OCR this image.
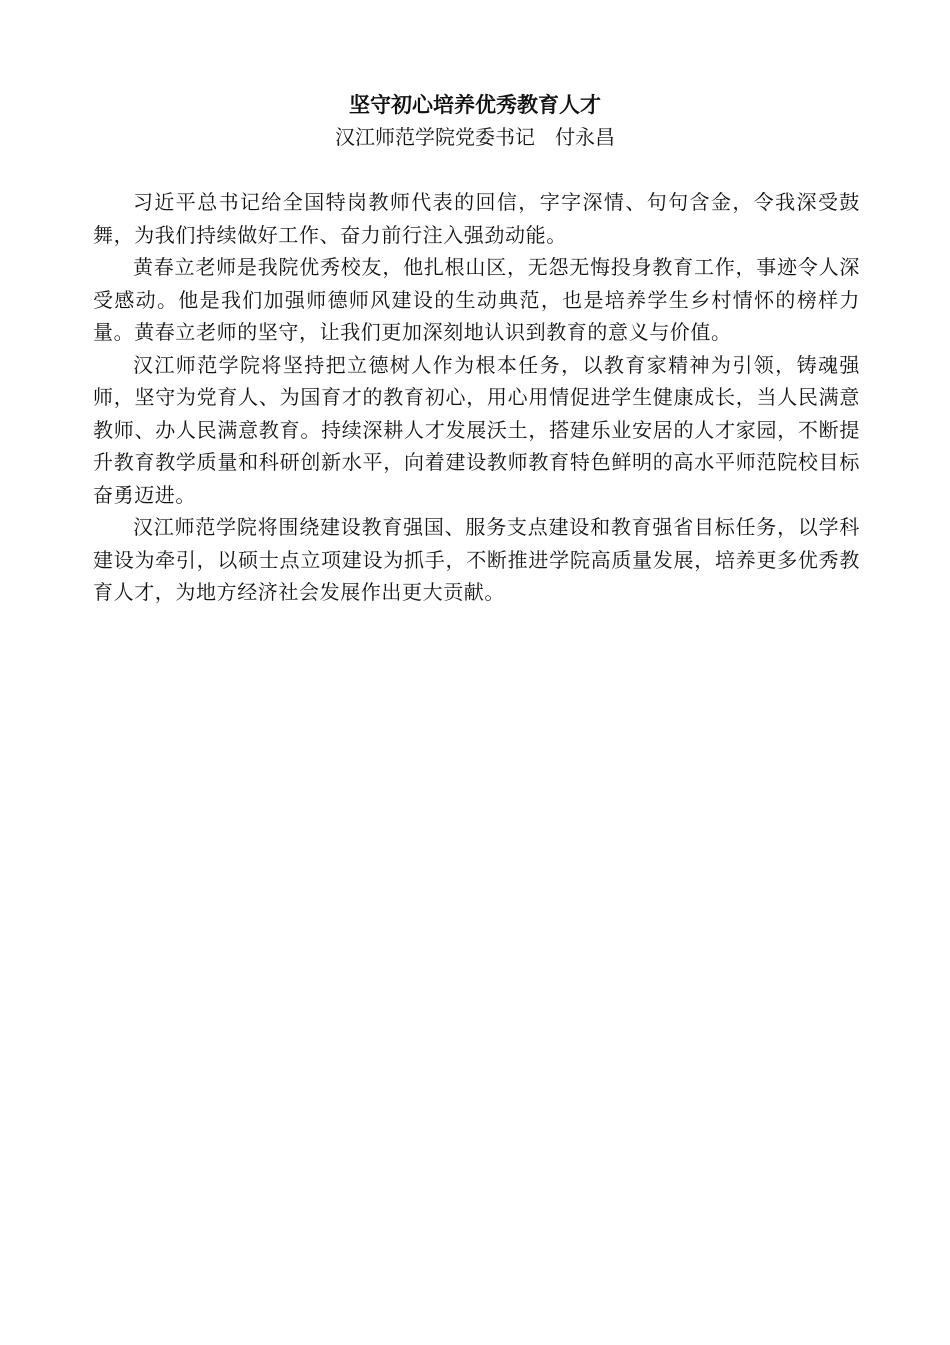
坚守初心培养优秀教育人才
汉江师范学院党委书记　付永昌

习近平总书记给全国特岗教师代表的回信，字字深情、句句含金，令我深受鼓舞，为我们持续做好工作、奋力前行注入强劲动能。

黄春立老师是我院优秀校友，他扎根山区，无怨无悔投身教育工作，事迹令人深受感动。他是我们加强师德师风建设的生动典范，也是培养学生乡村情怀的榜样力量。黄春立老师的坚守，让我们更加深刻地认识到教育的意义与价值。

汉江师范学院将坚持把立德树人作为根本任务，以教育家精神为引领，铸魂强师，坚守为党育人、为国育才的教育初心，用心用情促进学生健康成长，当人民满意教师、办人民满意教育。持续深耕人才发展沃土，搭建乐业安居的人才家园，不断提升教育教学质量和科研创新水平，向着建设教师教育特色鲜明的高水平师范院校目标奋勇迈进。

汉江师范学院将围绕建设教育强国、服务支点建设和教育强省目标任务，以学科建设为牵引，以硕士点立项建设为抓手，不断推进学院高质量发展，培养更多优秀教育人才，为地方经济社会发展作出更大贡献。
